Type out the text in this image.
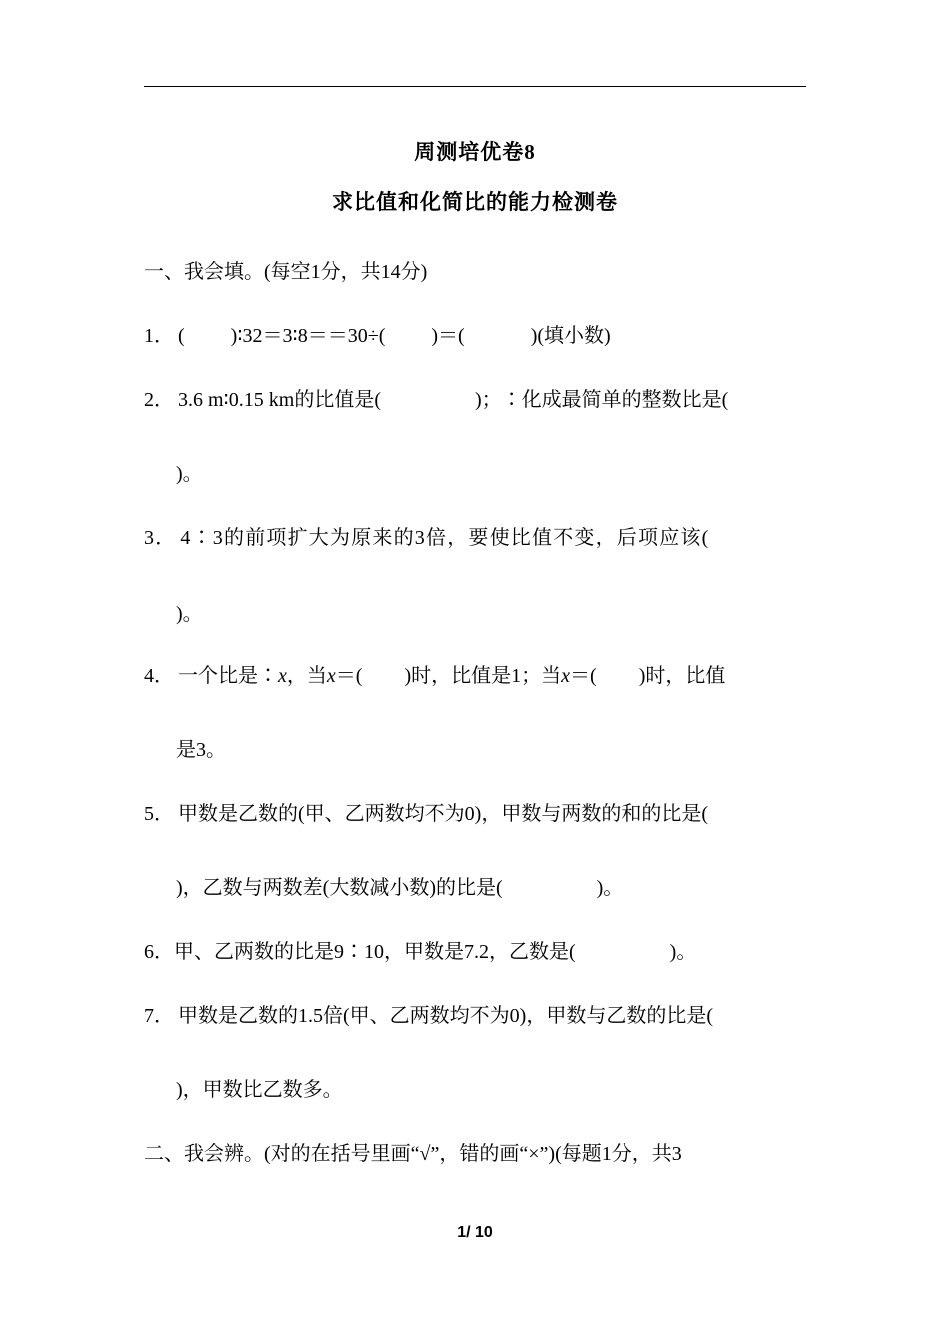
周测培优卷8
求比值和化简比的能力检测卷
一、我会填。(每空1分，共14分)
1． ( )∶32＝3∶8＝＝30÷( )＝(	)(填小数)
2． 3.6 m∶0.15 km的比值是(	)；∶化成最简单的整数比是(
)。
3． 4∶3的前项扩大为原来的3倍，要使比值不变，后项应该(
)。
4． 一个比是∶x，当x＝( )时，比值是1；当x＝( )时，比值
是3。
5． 甲数是乙数的(甲、乙两数均不为0)，甲数与两数的和的比是(
)，乙数与两数差(大数减小数)的比是(	)。
6．甲、乙两数的比是9∶10，甲数是7.2，乙数是(	)。
7． 甲数是乙数的1.5倍(甲、乙两数均不为0)，甲数与乙数的比是(
)，甲数比乙数多。
二、我会辨。(对的在括号里画“√”，错的画“×”)(每题1分，共3
1/ 10
